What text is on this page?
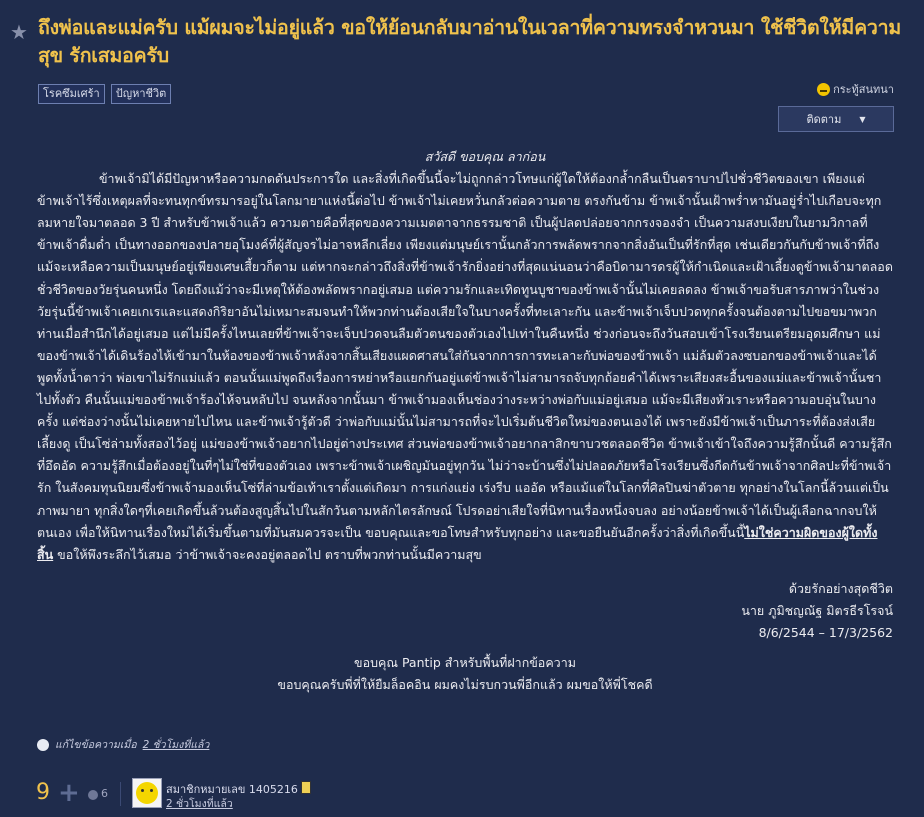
★ ถึงพ่อและแม่ครับ แม้ผมจะไม่อยู่แล้ว ขอให้ย้อนกลับมาอ่านในเวลาที่ความทรงจำหวนมา ใช้ชีวิตให้มีความสุข รักเสมอครับ
โรคซึมเศร้า	ปัญหาชีวิต	กระทู้สนทนา
ติดตาม ▼
สวัสดี ขอบคุณ ลาก่อน

ข้าพเจ้ามิได้มีปัญหาหรือความกดดันประการใด และสิ่งที่เกิดขึ้นนี้จะไม่ถูกกล่าวโทษแก่ผู้ใดให้ต้องกล้ำกลืนเป็นตราบาปไปชั่วชีวิตของเขา เพียงแต่ข้าพเจ้าไร้ซึ่งเหตุผลที่จะทนทุกข์ทรมารอยู่ในโลกมายาแห่งนี้ต่อไป ข้าพเจ้าไม่เคยหวั่นกลัวต่อความตาย ตรงกันข้าม ข้าพเจ้านั้นเฝ้าพร่ำหามันอยู่ร่ำไปเกือบจะทุกลมหายใจมาตลอด 3 ปี สำหรับข้าพเจ้าแล้ว ความตายคือที่สุดของความเมตตาจากธรรมชาติ เป็นผู้ปลดปล่อยจากกรงจองจำ เป็นความสงบเงียบในยามวิกาลที่ข้าพเจ้าดื่มด่ำ เป็นทางออกของปลายอุโมงค์ที่ผู้สัญจรไม่อาจหลีกเลี่ยง เพียงแต่มนุษย์เรานั้นกลัวการพลัดพรากจากสิ่งอันเป็นที่รักที่สุด เช่นเดียวกันกับข้าพเจ้าที่ถึงแม้จะเหลือความเป็นมนุษย์อยู่เพียงเศษเสี้ยวก็ตาม แต่หากจะกล่าวถึงสิ่งที่ข้าพเจ้ารักยิ่งอย่างที่สุดแน่นอนว่าคือบิดามารดรผู้ให้กำเนิดและเฝ้าเลี้ยงดูข้าพเจ้ามาตลอดชั่วชีวิตของวัยรุ่นคนหนึ่ง โดยถึงแม้ว่าจะมีเหตุให้ต้องพลัดพรากอยู่เสมอ แต่ความรักและเทิดทูนบูชาของข้าพเจ้านั้นไม่เคยลดลง ข้าพเจ้าขอรับสารภาพว่าในช่วงวัยรุ่นนี้ข้าพเจ้าเคยเกเรและแสดงกิริยาอันไม่เหมาะสมจนทำให้พวกท่านต้องเสียใจในบางครั้งที่ทะเลาะกัน และข้าพเจ้าเจ็บปวดทุกครั้งจนต้องตามไปขอขมาพวกท่านเมื่อสำนึกได้อยู่เสมอ แต่ไม่มีครั้งไหนเลยที่ข้าพเจ้าจะเจ็บปวดจนลืมตัวตนของตัวเองไปเท่าในคืนหนึ่ง ช่วงก่อนจะถึงวันสอบเข้าโรงเรียนเตรียมอุดมศึกษา แม่ของข้าพเจ้าได้เดินร้องไห้เข้ามาในห้องของข้าพเจ้าหลังจากสิ้นเสียงแผดศาสนใส่กันจากการการทะเลาะกับพ่อของข้าพเจ้า แม่ล้มตัวลงซบอกของข้าพเจ้าและได้พูดทั้งน้ำตาว่า พ่อเขาไม่รักแม่แล้ว ตอนนั้นแม่พูดถึงเรื่องการหย่าหรือแยกกันอยู่แต่ข้าพเจ้าไม่สามารถจับทุกถ้อยคำได้เพราะเสียงสะอื้นของแม่และข้าพเจ้านั้นชาไปทั้งตัว คืนนั้นแม่ของข้าพเจ้าร้องไห้จนหลับไป จนหลังจากนั้นมา ข้าพเจ้ามองเห็นช่องว่างระหว่างพ่อกับแม่อยู่เสมอ แม้จะมีเสียงหัวเราะหรือความอบอุ่นในบางครั้ง แต่ช่องว่างนั้นไม่เคยหายไปไหน และข้าพเจ้ารู้ตัวดี ว่าพ่อกับแม่นั้นไม่สามารถที่จะไปเริ่มต้นชีวิตใหม่ของตนเองได้ เพราะยังมีข้าพเจ้าเป็นภาระที่ต้องส่งเสียเลี้ยงดู เป็นโซ่ล่ามทั้งสองไว้อยู่ แม่ของข้าพเจ้าอยากไปอยู่ต่างประเทศ ส่วนพ่อของข้าพเจ้าอยากลาสิกขาบวชตลอดชีวิต ข้าพเจ้าเข้าใจถึงความรู้สึกนั้นดี ความรู้สึกที่อึดอัด ความรู้สึกเมื่อต้องอยู่ในที่ๆไม่ใช่ที่ของตัวเอง เพราะข้าพเจ้าเผชิญมันอยู่ทุกวัน ไม่ว่าจะบ้านซึ่งไม่ปลอดภัยหรือโรงเรียนซึ่งกีดกันข้าพเจ้าจากศิลปะที่ข้าพเจ้ารัก ในสังคมทุนนิยมซึ่งข้าพเจ้ามองเห็นโซ่ที่ล่ามข้อเท้าเราตั้งแต่เกิดมา การแก่งแย่ง เร่งรีบ แออัด หรือแม้แต่ในโลกที่ศิลปินฆ่าตัวตาย ทุกอย่างในโลกนี้ล้วนแต่เป็นภาพมายา ทุกสิ่งใดๆที่เคยเกิดขึ้นล้วนต้องสูญสิ้นไปในสักวันตามหลักไตรลักษณ์ โปรดอย่าเสียใจที่นิทานเรื่องหนึ่งจบลง อย่างน้อยข้าพเจ้าได้เป็นผู้เลือกฉากจบให้ตนเอง เพื่อให้นิทานเรื่องใหม่ได้เริ่มขึ้นตามที่มันสมควรจะเป็น ขอบคุณและขอโทษสำหรับทุกอย่าง และขอยืนยันอีกครั้งว่าสิ่งที่เกิดขึ้นนี้ไม่ใช่ความผิดของผู้ใดทั้งสิ้น ขอให้พึงระลึกไว้เสมอ ว่าข้าพเจ้าจะคงอยู่ตลอดไป ตราบที่พวกท่านนั้นมีความสุข

ด้วยรักอย่างสุดชีวิต
นาย ภูมิชญณัฐ มิตรธีรโรจน์
8/6/2544 – 17/3/2562
ขอบคุณ Pantip สำหรับพื้นที่ฝากข้อความ
ขอบคุณครับพี่ที่ให้ยืมล็อคอิน ผมคงไม่รบกวนพี่อีกแล้ว ผมขอให้พี่โชคดี
แก้ไขข้อความเมื่อ 2 ชั่วโมงที่แล้ว
9 + 6	สมาชิกหมายเลข 1405216
2 ชั่วโมงที่แล้ว
